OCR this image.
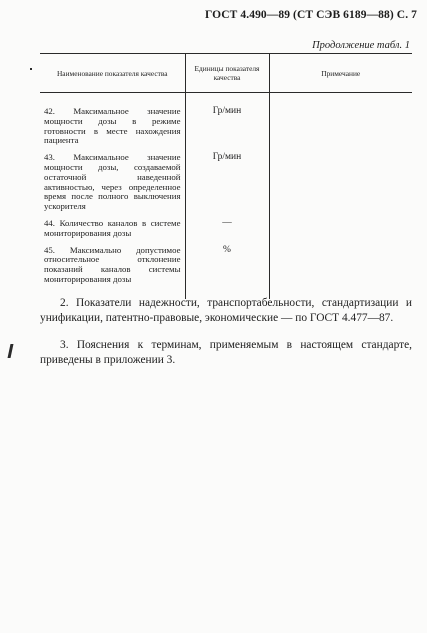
ГОСТ 4.490—89 (СТ СЭВ 6189—88) С. 7
Продолжение табл. 1
Наименование показателя качества	Единицы показателя качества	Примечание
42. Максимальное значение мощности дозы в режиме готовности в месте нахождения пациента	Гр/мин	
43. Максимальное значение мощности дозы, создаваемой остаточной наведенной активностью, через определенное время после полного выключения ускорителя	Гр/мин	
44. Количество каналов в системе мониторирования дозы	—	
45. Максимально допустимое относительное отклонение показаний каналов системы мониторирования дозы	%	

2. Показатели надежности, транспортабельности, стандартизации и унификации, патентно-правовые, экономические — по ГОСТ 4.477—87.

3. Пояснения к терминам, применяемым в настоящем стандарте, приведены в приложении 3.
